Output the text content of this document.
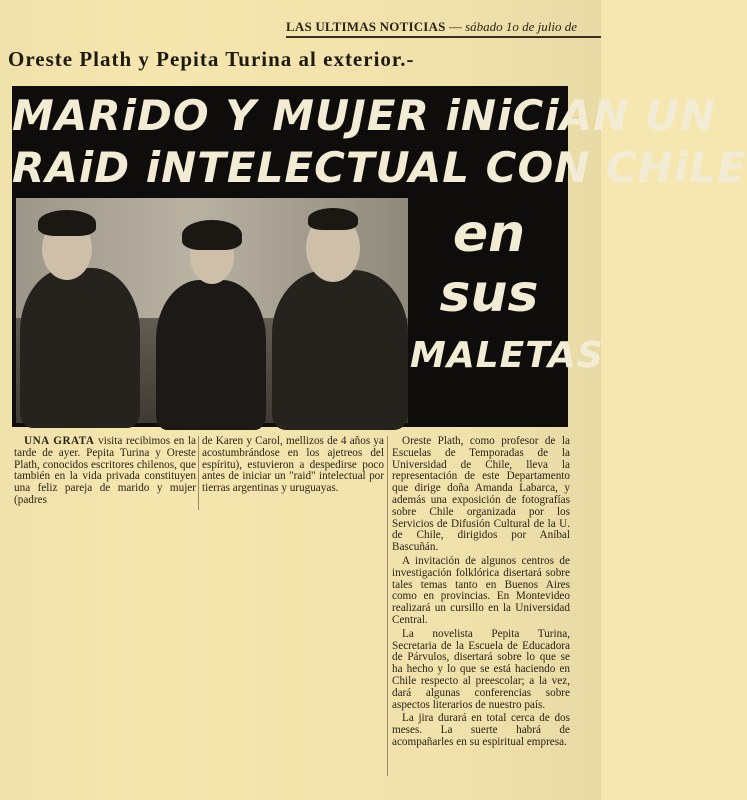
LAS ULTIMAS NOTICIAS — sábado 1o de julio de
Oreste Plath y Pepita Turina al exterior.-
MARiDO Y MUJER iNiCiAN UN
RAiD iNTELECTUAL CON CHiLE
en
sus
MALETAS

UNA GRATA visita recibimos en la tarde de ayer. Pepita Turina y Oreste Plath, conocidos escritores chilenos, que también en la vida privada constituyen una feliz pareja de marido y mujer (padres

de Karen y Carol, mellizos de 4 años ya acostumbrándose en los ajetreos del espíritu), estuvieron a despedirse poco antes de iniciar un "raid" intelectual por tierras argentinas y uruguayas.

Oreste Plath, como profesor de la Escuelas de Temporadas de la Universidad de Chile, lleva la representación de este Departamento que dirige doña Amanda Labarca, y además una exposición de fotografías sobre Chile organizada por los Servicios de Difusión Cultural de la U. de Chile, dirigidos por Aníbal Bascuñán.

A invitación de algunos centros de investigación folklórica disertará sobre tales temas tanto en Buenos Aires como en provincias. En Montevideo realizará un cursillo en la Universidad Central.

La novelista Pepita Turina, Secretaria de la Escuela de Educadora de Párvulos, disertará sobre lo que se ha hecho y lo que se está haciendo en Chile respecto al preescolar; a la vez, dará algunas conferencias sobre aspectos literarios de nuestro país.

La jira durará en total cerca de dos meses. La suerte habrá de acompañarles en su espiritual empresa.
